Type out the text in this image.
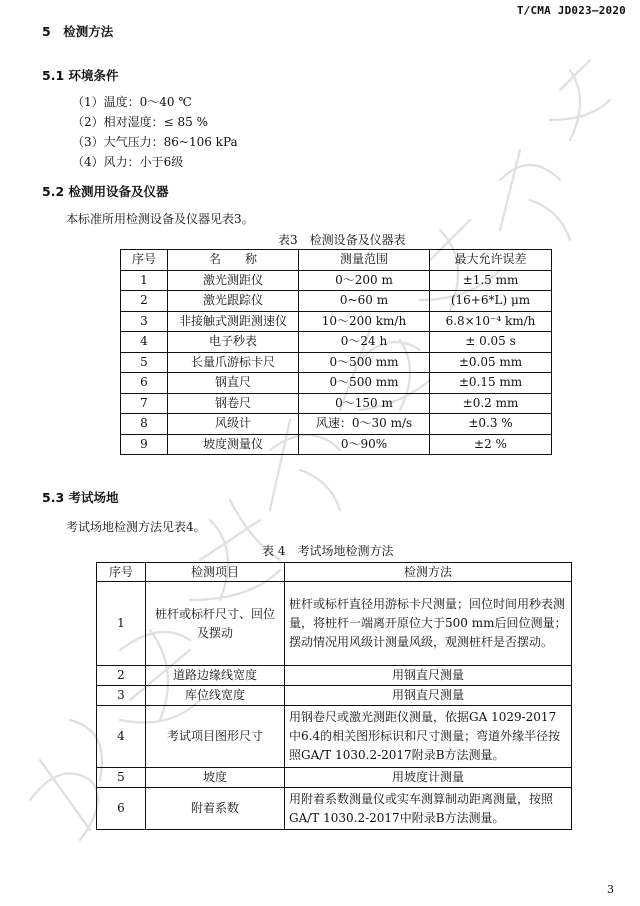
T/CMA JD023—2020
5　检测方法
5.1 环境条件
（1）温度：0～40 ℃
（2）相对湿度：≤ 85 %
（3）大气压力：86~106 kPa
（4）风力：小于6级
5.2 检测用设备及仪器
本标准所用检测设备及仪器见表3。
表3　检测设备及仪器表
序号	名　　称	测量范围	最大允许误差
1	激光测距仪	0～200 m	±1.5 mm
2	激光跟踪仪	0~60 m	(16+6*L) μm
3	非接触式测距测速仪	10～200 km/h	6.8×10⁻⁴ km/h
4	电子秒表	0～24 h	± 0.05 s
5	长量爪游标卡尺	0～500 mm	±0.05 mm
6	钢直尺	0～500 mm	±0.15 mm
7	钢卷尺	0～150 m	±0.2 mm
8	风级计	风速：0～30 m/s	±0.3 %
9	坡度测量仪	0～90%	±2 %
5.3 考试场地
考试场地检测方法见表4。
表 4　考试场地检测方法
序号	检测项目	检测方法
1	桩杆或标杆尺寸、回位及摆动	桩杆或标杆直径用游标卡尺测量；回位时间用秒表测量，将桩杆一端离开原位大于500 mm后回位测量；摆动情况用风级计测量风级，观测桩杆是否摆动。
2	道路边缘线宽度	用钢直尺测量
3	库位线宽度	用钢直尺测量
4	考试项目图形尺寸	用钢卷尺或激光测距仪测量，依据GA 1029-2017中6.4的相关图形标识和尺寸测量；弯道外缘半径按照GA/T 1030.2-2017附录B方法测量。
5	坡度	用坡度计测量
6	附着系数	用附着系数测量仪或实车测算制动距离测量，按照GA/T 1030.2-2017中附录B方法测量。
3
